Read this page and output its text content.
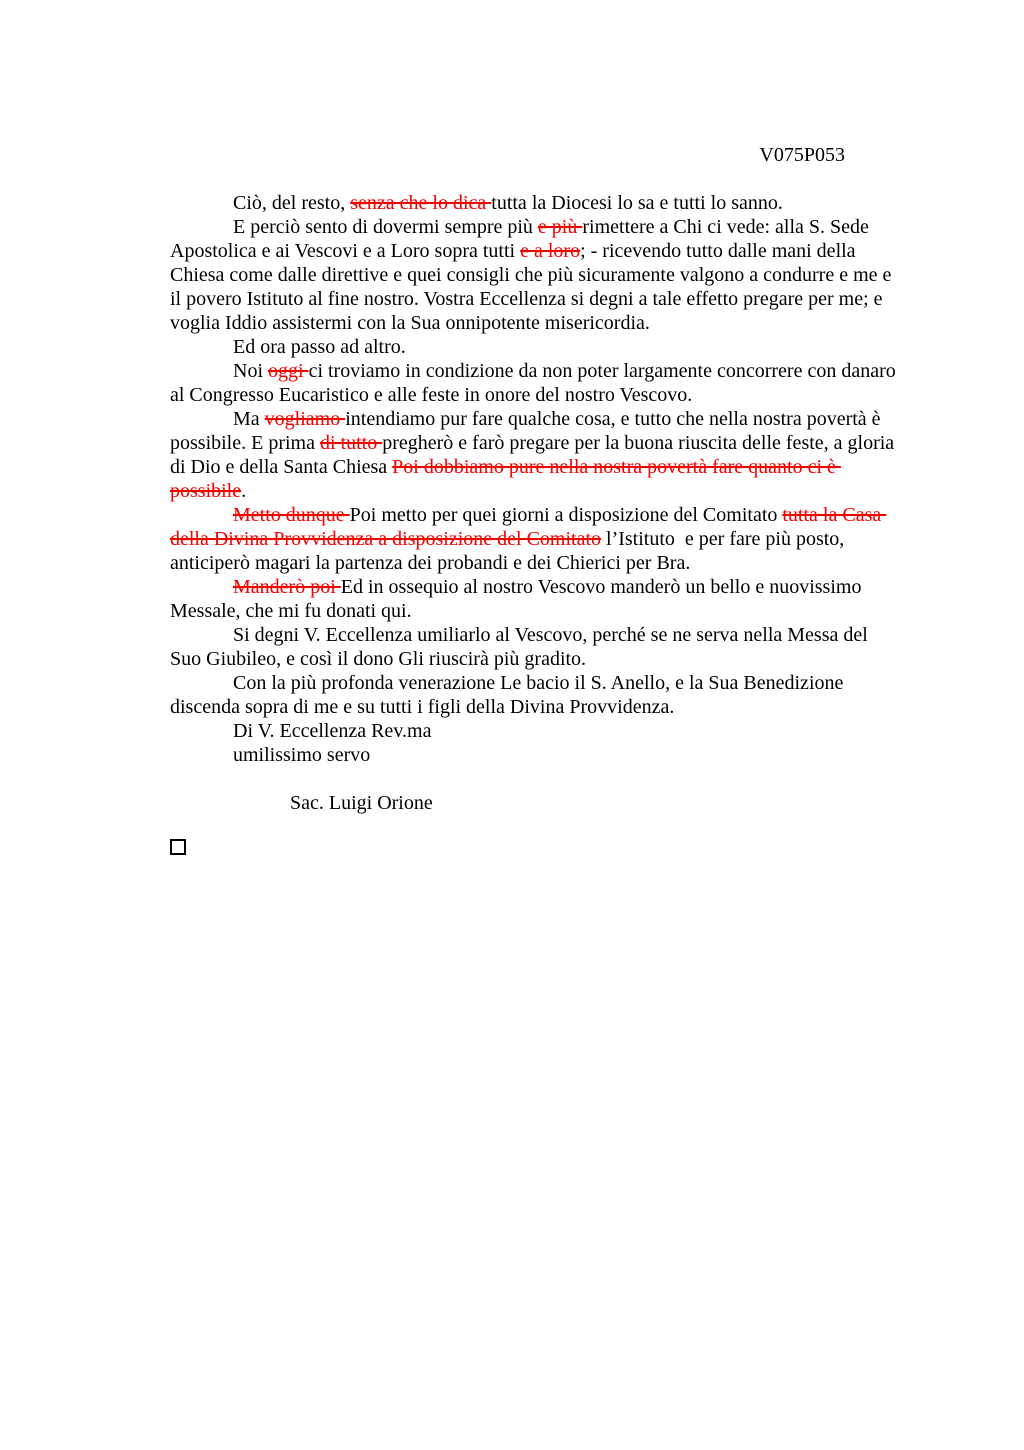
V075P053
Ciò, del resto, senza che lo dica tutta la Diocesi lo sa e tutti lo sanno.
E perciò sento di dovermi sempre più e più rimettere a Chi ci vede: alla S. Sede
Apostolica e ai Vescovi e a Loro sopra tutti e a loro; - ricevendo tutto dalle mani della
Chiesa come dalle direttive e quei consigli che più sicuramente valgono a condurre e me e
il povero Istituto al fine nostro. Vostra Eccellenza si degni a tale effetto pregare per me; e
voglia Iddio assistermi con la Sua onnipotente misericordia.
Ed ora passo ad altro.
Noi oggi ci troviamo in condizione da non poter largamente concorrere con danaro
al Congresso Eucaristico e alle feste in onore del nostro Vescovo.
Ma vogliamo intendiamo pur fare qualche cosa, e tutto che nella nostra povertà è
possibile. E prima di tutto pregherò e farò pregare per la buona riuscita delle feste, a gloria
di Dio e della Santa Chiesa Poi dobbiamo pure nella nostra povertà fare quanto ci è
possibile.
Metto dunque Poi metto per quei giorni a disposizione del Comitato tutta la Casa
della Divina Provvidenza a disposizione del Comitato l’Istituto  e per fare più posto,
anticiperò magari la partenza dei probandi e dei Chierici per Bra.
Manderò poi Ed in ossequio al nostro Vescovo manderò un bello e nuovissimo
Messale, che mi fu donati qui.
Si degni V. Eccellenza umiliarlo al Vescovo, perché se ne serva nella Messa del
Suo Giubileo, e così il dono Gli riuscirà più gradito.
Con la più profonda venerazione Le bacio il S. Anello, e la Sua Benedizione
discenda sopra di me e su tutti i figli della Divina Provvidenza.
Di V. Eccellenza Rev.ma
umilissimo servo
Sac. Luigi Orione
